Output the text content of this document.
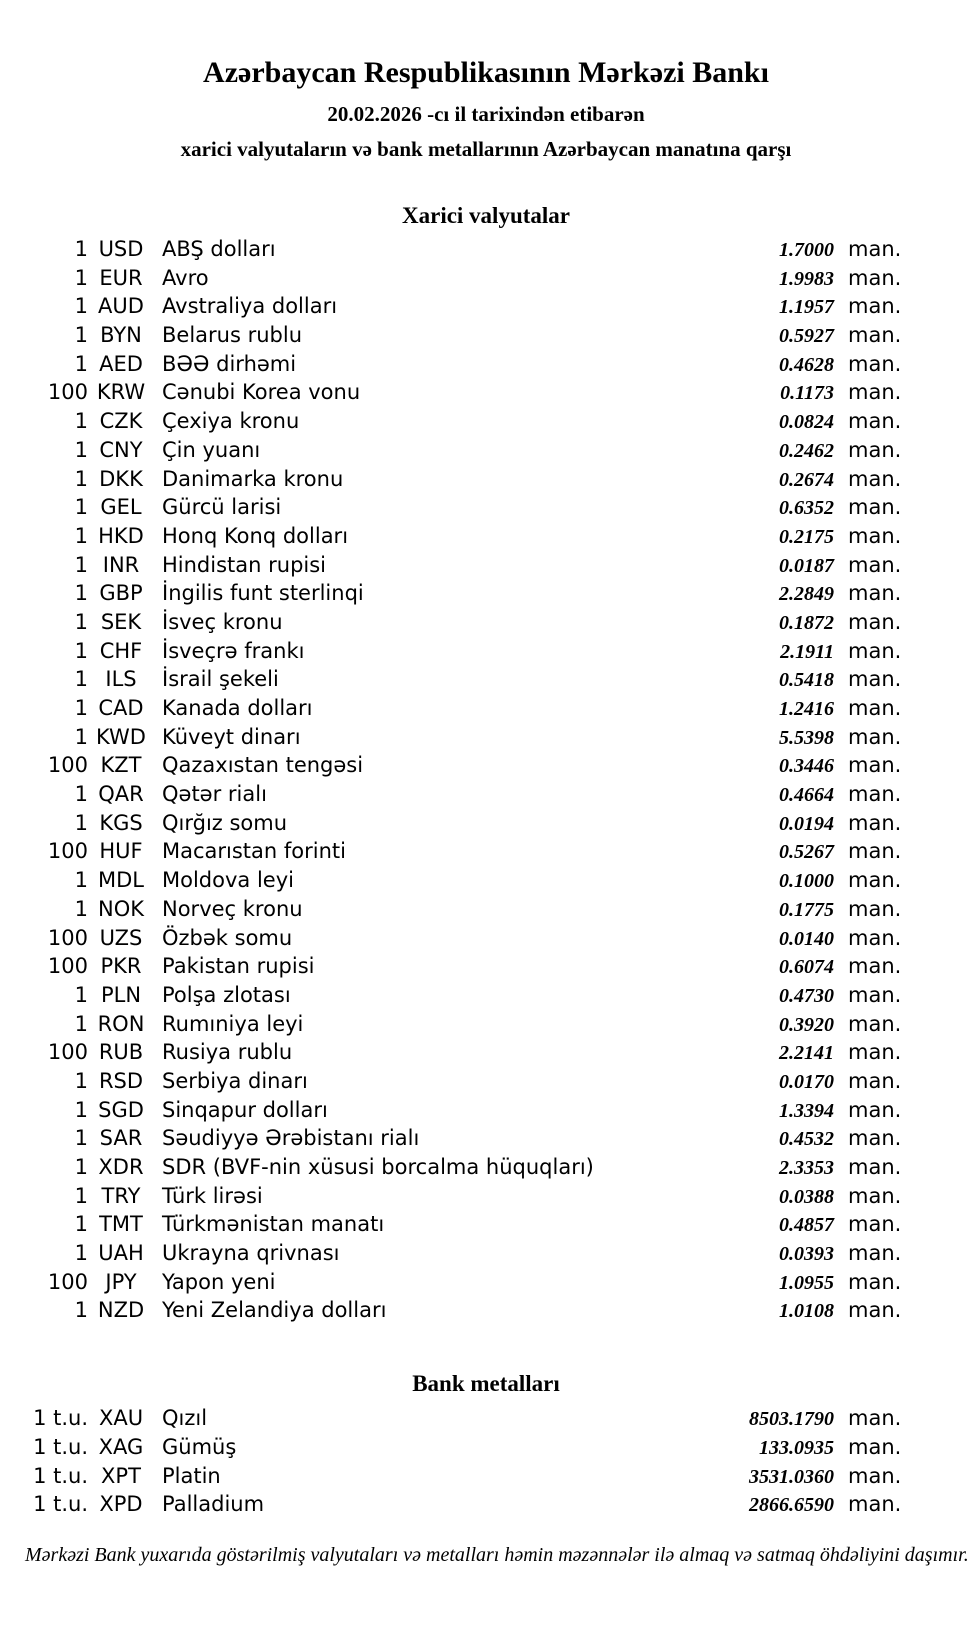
Azərbaycan Respublikasının Mərkəzi Bankı
20.02.2026 -cı il tarixindən etibarən
xarici valyutaların və bank metallarının Azərbaycan manatına qarşı
Xarici valyutalar
1 USD ABŞ dolları	1.7000 man.
1 EUR Avro	1.9983 man.
1 AUD Avstraliya dolları	1.1957 man.
1 BYN Belarus rublu	0.5927 man.
1 AED BƏƏ dirhəmi	0.4628 man.
100 KRW Cənubi Korea vonu	0.1173 man.
1 CZK Çexiya kronu	0.0824 man.
1 CNY Çin yuanı	0.2462 man.
1 DKK Danimarka kronu	0.2674 man.
1 GEL Gürcü larisi	0.6352 man.
1 HKD Honq Konq dolları	0.2175 man.
1 INR	Hindistan rupisi	0.0187 man.
1 GBP İngilis funt sterlinqi	2.2849 man.
1 SEK İsveç kronu	0.1872 man.
1 CHF İsveçrə frankı	2.1911 man.
1 ILS	İsrail şekeli	0.5418 man.
1 CAD Kanada dolları	1.2416 man.
1 KWD Küveyt dinarı	5.5398 man.
100 KZT Qazaxıstan tengəsi	0.3446 man.
1 QAR Qətər rialı	0.4664 man.
1 KGS Qırğız somu	0.0194 man.
100 HUF Macarıstan forinti	0.5267 man.
1 MDL Moldova leyi	0.1000 man.
1 NOK Norveç kronu	0.1775 man.
100 UZS Özbək somu	0.0140 man.
100 PKR Pakistan rupisi	0.6074 man.
1 PLN Polşa zlotası	0.4730 man.
1 RON Rumıniya leyi	0.3920 man.
100 RUB Rusiya rublu	2.2141 man.
1 RSD Serbiya dinarı	0.0170 man.
1 SGD Sinqapur dolları	1.3394 man.
1 SAR Səudiyyə Ərəbistanı rialı	0.4532 man.
1 XDR SDR (BVF-nin xüsusi borcalma hüquqları)	2.3353 man.
1 TRY	Türk lirəsi	0.0388 man.
1 TMT Türkmənistan manatı	0.4857 man.
1 UAH Ukrayna qrivnası	0.0393 man.
100 JPY	Yapon yeni	1.0955 man.
1 NZD Yeni Zelandiya dolları	1.0108 man.
Bank metalları
1 t.u. XAU Qızıl	8503.1790 man.
1 t.u. XAG Gümüş	133.0935 man.
1 t.u. XPT	Platin	3531.0360 man.
1 t.u. XPD Palladium	2866.6590 man.
Mərkəzi Bank yuxarıda göstərilmiş valyutaları və metalları həmin məzənnələr ilə almaq və satmaq öhdəliyini daşımır.
